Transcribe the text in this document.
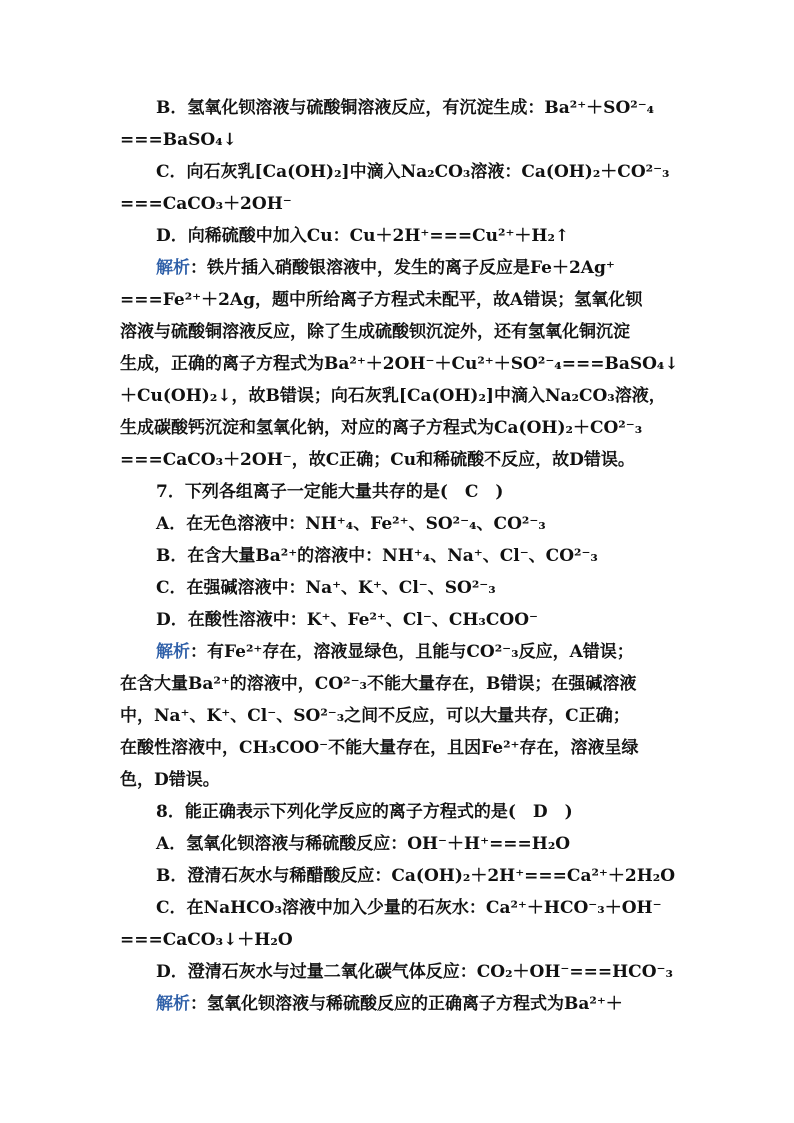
B．氢氧化钡溶液与硫酸铜溶液反应，有沉淀生成：Ba²⁺＋SO²⁻₄
===BaSO₄↓
C．向石灰乳[Ca(OH)₂]中滴入Na₂CO₃溶液：Ca(OH)₂＋CO²⁻₃
===CaCO₃＋2OH⁻
D．向稀硫酸中加入Cu：Cu＋2H⁺===Cu²⁺＋H₂↑
解析：铁片插入硝酸银溶液中，发生的离子反应是Fe＋2Ag⁺
===Fe²⁺＋2Ag，题中所给离子方程式未配平，故A错误；氢氧化钡
溶液与硫酸铜溶液反应，除了生成硫酸钡沉淀外，还有氢氧化铜沉淀
生成，正确的离子方程式为Ba²⁺＋2OH⁻＋Cu²⁺＋SO²⁻₄===BaSO₄↓
＋Cu(OH)₂↓，故B错误；向石灰乳[Ca(OH)₂]中滴入Na₂CO₃溶液，
生成碳酸钙沉淀和氢氧化钠，对应的离子方程式为Ca(OH)₂＋CO²⁻₃
===CaCO₃＋2OH⁻，故C正确；Cu和稀硫酸不反应，故D错误。
7．下列各组离子一定能大量共存的是(　C　)
A．在无色溶液中：NH⁺₄、Fe²⁺、SO²⁻₄、CO²⁻₃
B．在含大量Ba²⁺的溶液中：NH⁺₄、Na⁺、Cl⁻、CO²⁻₃
C．在强碱溶液中：Na⁺、K⁺、Cl⁻、SO²⁻₃
D．在酸性溶液中：K⁺、Fe²⁺、Cl⁻、CH₃COO⁻
解析：有Fe²⁺存在，溶液显绿色，且能与CO²⁻₃反应，A错误；
在含大量Ba²⁺的溶液中，CO²⁻₃不能大量存在，B错误；在强碱溶液
中，Na⁺、K⁺、Cl⁻、SO²⁻₃之间不反应，可以大量共存，C正确；
在酸性溶液中，CH₃COO⁻不能大量存在，且因Fe²⁺存在，溶液呈绿
色，D错误。
8．能正确表示下列化学反应的离子方程式的是(　D　)
A．氢氧化钡溶液与稀硫酸反应：OH⁻＋H⁺===H₂O
B．澄清石灰水与稀醋酸反应：Ca(OH)₂＋2H⁺===Ca²⁺＋2H₂O
C．在NaHCO₃溶液中加入少量的石灰水：Ca²⁺＋HCO⁻₃＋OH⁻
===CaCO₃↓＋H₂O
D．澄清石灰水与过量二氧化碳气体反应：CO₂＋OH⁻===HCO⁻₃
解析：氢氧化钡溶液与稀硫酸反应的正确离子方程式为Ba²⁺＋
